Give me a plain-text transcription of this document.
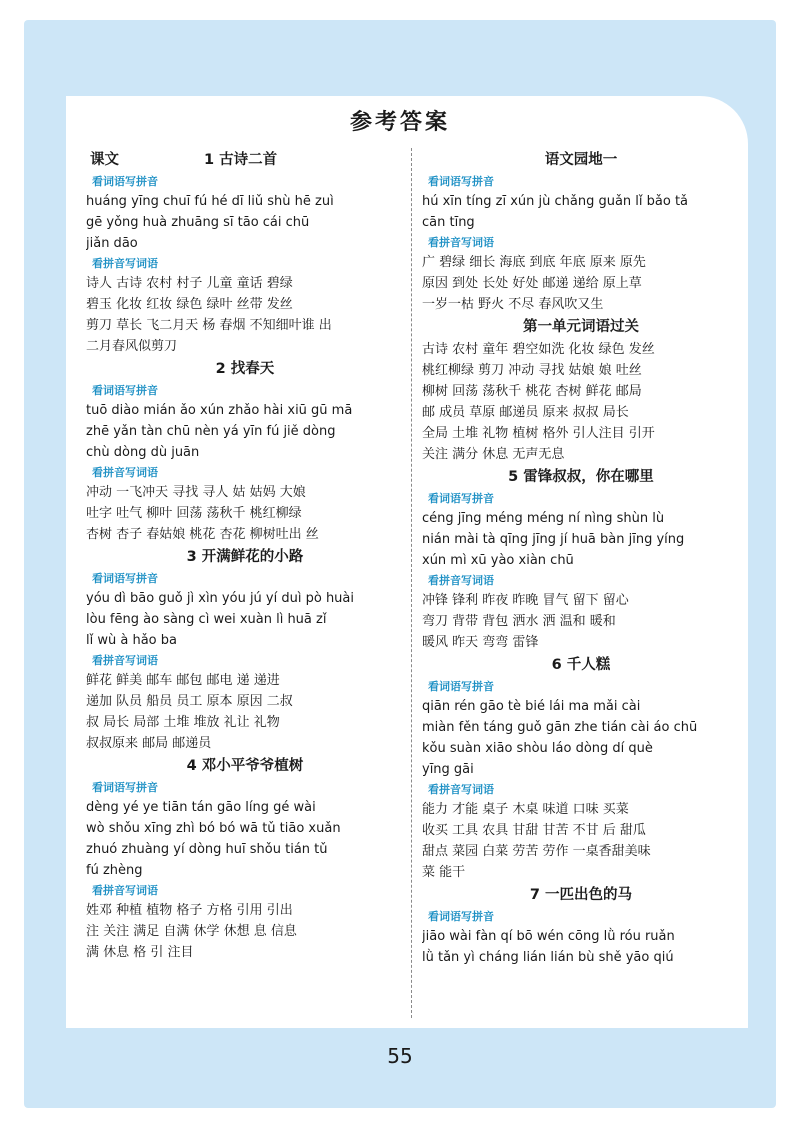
参考答案
课文	1 古诗二首
看词语写拼音
huáng yīng chuī fú hé dī liǔ shù hē zuì
gē yǒng huà zhuāng sī tāo cái chū
jiǎn dāo
看拼音写词语
诗人 古诗 农村 村子 儿童 童话 碧绿
碧玉 化妆 红妆 绿色 绿叶 丝带 发丝
剪刀 草长 飞二月天 杨 春烟 不知细叶谁 出
二月春风似剪刀
2 找春天
看词语写拼音
tuō diào mián ǎo xún zhǎo hài xiū gū mā
zhē yǎn tàn chū nèn yá yīn fú jiě dòng
chù dòng dù juān
看拼音写词语
冲动 一飞冲天 寻找 寻人 姑 姑妈 大娘
吐字 吐气 柳叶 回荡 荡秋千 桃红柳绿
杏树 杏子 春姑娘 桃花 杏花 柳树吐出 丝
3 开满鲜花的小路
看词语写拼音
yóu dì bāo guǒ jì xìn yóu jú yí duì pò huài
lòu fēng ào sàng cì wei xuàn lì huā zǐ
lǐ wù à hǎo ba
看拼音写词语
鲜花 鲜美 邮车 邮包 邮电 递 递进
递加 队员 船员 员工 原本 原因 二叔
叔 局长 局部 土堆 堆放 礼让 礼物
叔叔原来 邮局 邮递员
4 邓小平爷爷植树
看词语写拼音
dèng yé ye tiān tán gāo líng gé wài
wò shǒu xīng zhì bó bó wā tǔ tiāo xuǎn
zhuó zhuàng yí dòng huī shǒu tián tǔ
fú zhèng
看拼音写词语
姓邓 种植 植物 格子 方格 引用 引出
注 关注 满足 自满 休学 休想 息 信息
满 休息 格 引 注目
语文园地一
看词语写拼音
hú xīn tíng zī xún jù chǎng guǎn lǐ bǎo tǎ
cān tīng
看拼音写词语
广 碧绿 细长 海底 到底 年底 原来 原先
原因 到处 长处 好处 邮递 递给 原上草
一岁一枯 野火 不尽 春风吹又生
第一单元词语过关
古诗 农村 童年 碧空如洗 化妆 绿色 发丝
桃红柳绿 剪刀 冲动 寻找 姑娘 娘 吐丝
柳树 回荡 荡秋千 桃花 杏树 鲜花 邮局
邮 成员 草原 邮递员 原来 叔叔 局长
全局 土堆 礼物 植树 格外 引人注目 引开
关注 满分 休息 无声无息
5 雷锋叔叔，你在哪里
看词语写拼音
céng jīng méng méng ní nìng shùn lù
nián mài tà qīng jīng jí huā bàn jīng yíng
xún mì xū yào xiàn chū
看拼音写词语
冲锋 锋利 昨夜 昨晚 冒气 留下 留心
弯刀 背带 背包 洒水 洒 温和 暖和
暖风 昨天 弯弯 雷锋
6 千人糕
看词语写拼音
qiān rén gāo tè bié lái ma mǎi cài
miàn fěn táng guǒ gān zhe tián cài áo chū
kǒu suàn xiāo shòu láo dòng dí què
yīng gāi
看拼音写词语
能力 才能 桌子 木桌 味道 口味 买菜
收买 工具 农具 甘甜 甘苦 不甘 后 甜瓜
甜点 菜园 白菜 劳苦 劳作 一桌香甜美味
菜 能干
7 一匹出色的马
看词语写拼音
jiāo wài fàn qí bō wén cōng lǜ róu ruǎn
lǜ tǎn yì cháng lián lián bù shě yāo qiú
55
